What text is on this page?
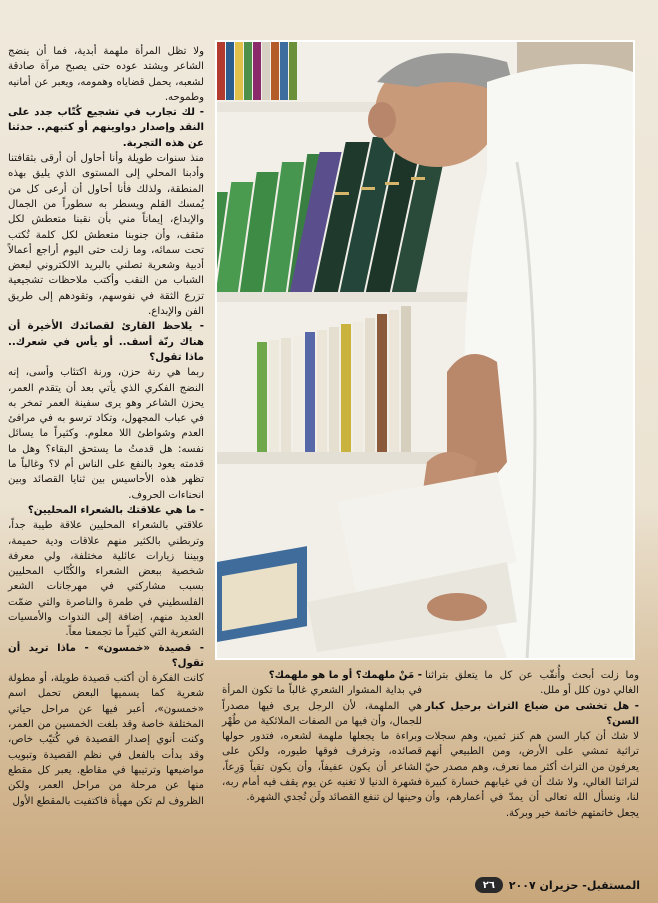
ولا تظل المرأة ملهمة أبدية، فما أن ينضج الشاعر ويشتد عوده حتى يصبح مرآة صادقة لشعبه، يحمل قضاياه وهمومه، ويعبر عن أمانيه وطموحه.

- لك تجارب في تشجيع كُتّاب جدد على النقد وإصدار دواوينهم أو كتبهم.. حدثنا عن هذه التجربة.

منذ سنوات طويلة وأنا أحاول أن أرقى بثقافتنا وأدبنا المحلي إلى المستوى الذي يليق بهذه المنطقة، ولذلك فأنا أحاول أن أرعى كل من يُمسك القلم ويسطر به سطوراً من الجمال والإبداع، إيماناً مني بأن نقبنا متعطش لكل مثقف، وأن جنوبنا متعطش لكل كلمة تُكتب تحت سمائه، وما زلت حتى اليوم أراجع أعمالاً أدبية وشعرية تصلني بالبريد الالكتروني لبعض الشباب من النقب وأكتب ملاحظات تشجيعية تزرع الثقة في نفوسهم، وتقودهم إلى طريق الفن والإبداع.

- يلاحظ القارئ لقصائدك الأخيرة أن هناك رنّة أسف.. أو يأس في شعرك.. ماذا تقول؟

ربما هي رنة حزن، ورنة اكتئاب وأسى، إنه النضج الفكري الذي يأتي بعد أن يتقدم العمر، يحزن الشاعر وهو يرى سفينة العمر تمخر به في عباب المجهول، وتكاد ترسو به في مرافئ العدم وشواطئ اللا معلوم. وكثيراً ما يسائل نفسه: هل قدمتُ ما يستحق البقاء؟ وهل ما قدمته يعود بالنفع على الناس أم لا؟ وغالباً ما تظهر هذه الأحاسيس بين ثنايا القصائد وبين انحناءات الحروف.

- ما هي علاقتك بالشعراء المحليين؟

علاقتي بالشعراء المحليين علاقة طيبة جداً، وتربطني بالكثير منهم علاقات ودية حميمة، وبيننا زيارات عائلية مختلفة، ولي معرفة شخصية ببعض الشعراء والكُتّاب المحليين بسبب مشاركتي في مهرجانات الشعر الفلسطيني في طمرة والناصرة والتي ضمّت العديد منهم، إضافة إلى الندوات والأمسيات الشعرية التي كثيراً ما تجمعنا معاً.

- قصيدة «خمسون» - ماذا تريد أن تقول؟

كانت الفكرة أن أكتب قصيدة طويلة، أو مطولة شعرية كما يسميها البعض تحمل اسم «خمسون»، أعبر فيها عن مراحل حياتي المختلفة خاصة وقد بلغت الخمسين من العمر، وكنت أنوي إصدار القصيدة في كُتيّب خاص، وقد بدأت بالفعل في نظم القصيدة وتبويب مواضيعها وترتيبها في مقاطع. يعبر كل مقطع منها عن مرحلة من مراحل العمر، ولكن الظروف لم تكن مهيأة فاكتفيت بالمقطع الأول

- مَنْ ملهمك؟ أو ما هو ملهمك؟

في بداية المشوار الشعري غالباً ما تكون المرأة هي الملهمة، لأن الرجل يرى فيها مصدراً للجمال، وأن فيها من الصفات الملائكية من طُهْر وبراءة ما يجعلها ملهمة لشعره، فتدور حولها قصائده، وترفرف فوقها طيوره، ولكن على الشاعر أن يكون عفيفاً، وأن يكون تقياً وَرِعاً، فشهرة الدنيا لا تغنيه عن يوم يقف فيه أمام ربه، وحينها لن تنفع القصائد ولَن تُجدي الشهرة.

وما زلت أبحث وأُنقّب عن كل ما يتعلق بتراثنا الغالي دون كلل أو ملل.

- هل تخشى من ضياع التراث برحيل كبار السن؟

لا شك أن كبار السن هم كنز ثمين، وهم سجلات تراثية تمشي على الأرض، ومن الطبيعي أنهم يعرفون من التراث أكثر مما نعرف، وهم مصدر حيّ لتراثنا الغالي، ولا شك أن في غيابهم خسارة كبيرة لنا، ونسأل الله تعالى أن يمدّ في أعمارهم، وأن يجعل خاتمتهم خاتمة خير وبركة.

المستقبل- حزيران ٢٠٠٧
٢٦
